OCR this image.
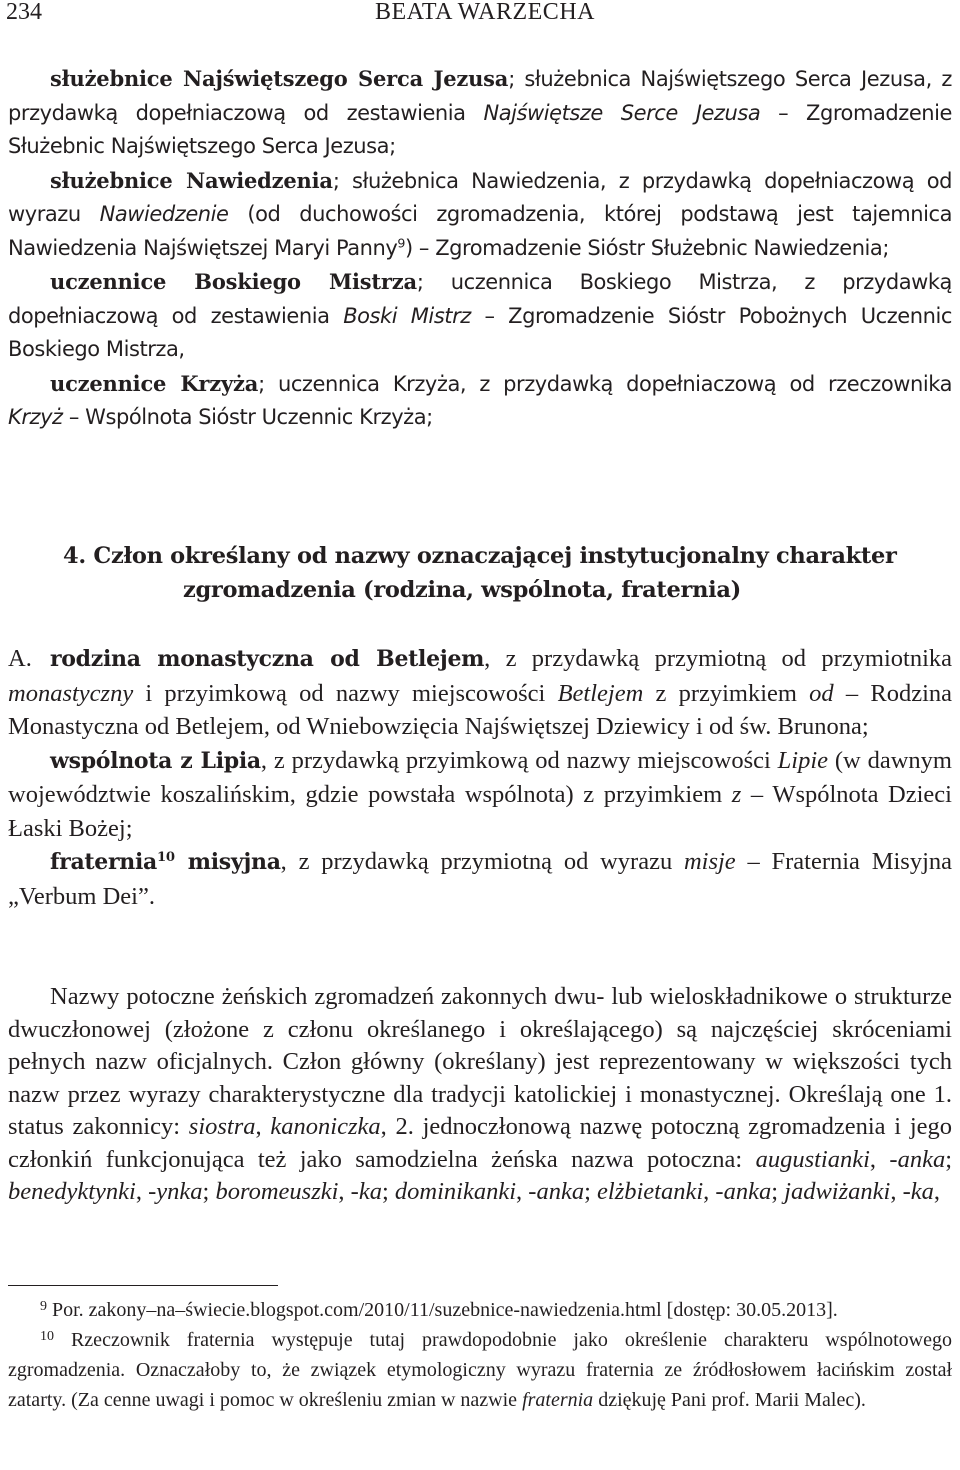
234	BEATA WARZECHA

służebnice Najświętszego Serca Jezusa; służebnica Najświętszego Serca Jezusa, z przydawką dopełniaczową od zestawienia Najświętsze Serce Jezusa – Zgromadzenie Służebnic Najświętszego Serca Jezusa;

służebnice Nawiedzenia; służebnica Nawiedzenia, z przydawką dopełniaczową od wyrazu Nawiedzenie (od duchowości zgromadzenia, której podstawą jest tajemnica Nawiedzenia Najświętszej Maryi Panny$^9$) – Zgromadzenie Sióstr Służebnic Nawiedzenia;

uczennice Boskiego Mistrza; uczennica Boskiego Mistrza, z przydawką dopełniaczową od zestawienia Boski Mistrz – Zgromadzenie Sióstr Pobożnych Uczennic Boskiego Mistrza,

uczennice Krzyża; uczennica Krzyża, z przydawką dopełniaczową od rzeczownika Krzyż – Wspólnota Sióstr Uczennic Krzyża;

4. Człon określany od nazwy oznaczającej instytucjonalny charakter
zgromadzenia (rodzina, wspólnota, fraternia)

A. rodzina monastyczna od Betlejem, z przydawką przymiotną od przymiotnika monastyczny i przyimkową od nazwy miejscowości Betlejem z przyimkiem od – Rodzina Monastyczna od Betlejem, od Wniebowzięcia Najświętszej Dziewicy i od św. Brunona;

wspólnota z Lipia, z przydawką przyimkową od nazwy miejscowości Lipie (w dawnym województwie koszalińskim, gdzie powstała wspólnota) z przyimkiem z – Wspólnota Dzieci Łaski Bożej;

fraternia$^{10}$ misyjna, z przydawką przymiotną od wyrazu misje – Fraternia Misyjna „Verbum Dei”.

Nazwy potoczne żeńskich zgromadzeń zakonnych dwu- lub wieloskładnikowe o strukturze dwuczłonowej (złożone z członu określanego i określającego) są najczęściej skróceniami pełnych nazw oficjalnych. Człon główny (określany) jest reprezentowany w większości tych nazw przez wyrazy charakterystyczne dla tradycji katolickiej i monastycznej. Określają one 1. status zakonnicy: siostra, kanoniczka, 2. jednoczłonową nazwę potoczną zgromadzenia i jego członkiń funkcjonująca też jako samodzielna żeńska nazwa potoczna: augustianki, -anka; benedyktynki, -ynka; boromeuszki, -ka; dominikanki, -anka; elżbietanki, -anka; jadwiżanki, -ka,

$^9$ Por. zakony–na–świecie.blogspot.com/2010/11/suzebnice-nawiedzenia.html [dostęp: 30.05.2013].

$^{10}$ Rzeczownik fraternia występuje tutaj prawdopodobnie jako określenie charakteru wspólnotowego zgromadzenia. Oznaczałoby to, że związek etymologiczny wyrazu fraternia ze źródłosłowem łacińskim został zatarty. (Za cenne uwagi i pomoc w określeniu zmian w nazwie fraternia dziękuję Pani prof. Marii Malec).
